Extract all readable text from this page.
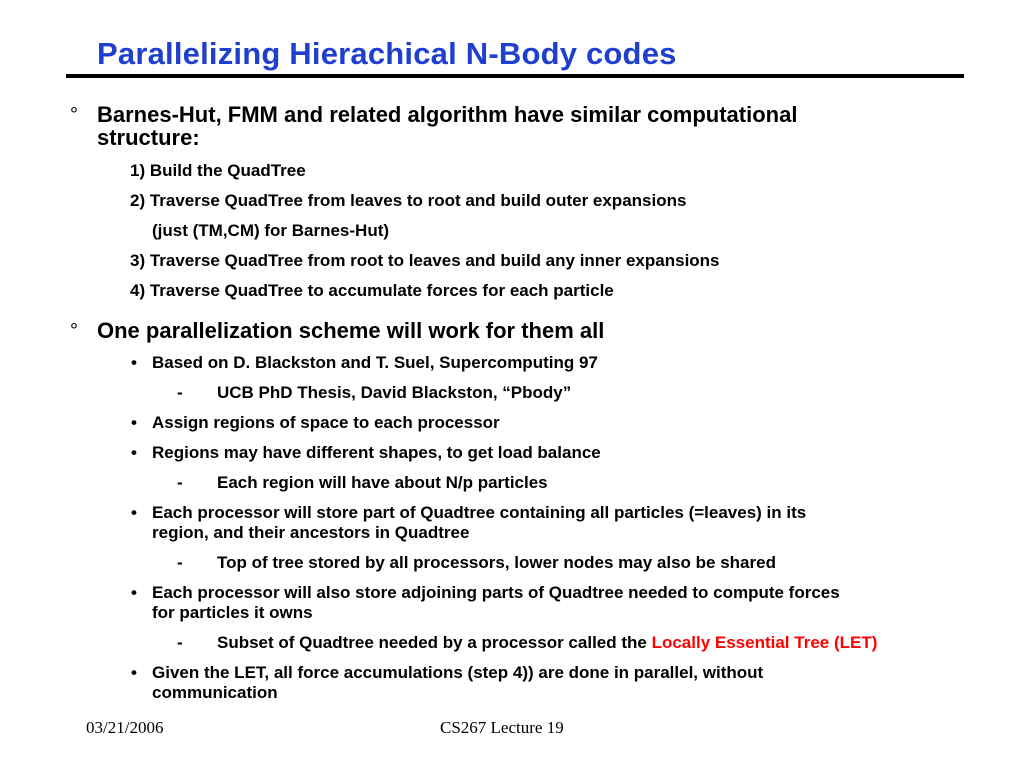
Parallelizing Hierachical N-Body codes
° Barnes-Hut, FMM and related algorithm have similar computational
structure:
1) Build the QuadTree
2) Traverse QuadTree from leaves to root and build outer expansions
(just (TM,CM) for Barnes-Hut)
3) Traverse QuadTree from root to leaves and build any inner expansions
4) Traverse QuadTree to accumulate forces for each particle
° One parallelization scheme will work for them all
• Based on D. Blackston and T. Suel, Supercomputing 97
- UCB PhD Thesis, David Blackston, “Pbody”
• Assign regions of space to each processor
• Regions may have different shapes, to get load balance
- Each region will have about N/p particles
• Each processor will store part of Quadtree containing all particles (=leaves) in its
region, and their ancestors in Quadtree
- Top of tree stored by all processors, lower nodes may also be shared
• Each processor will also store adjoining parts of Quadtree needed to compute forces
for particles it owns
- Subset of Quadtree needed by a processor called the Locally Essential Tree (LET)
• Given the LET, all force accumulations (step 4)) are done in parallel, without
communication
03/21/2006	CS267 Lecture 19
